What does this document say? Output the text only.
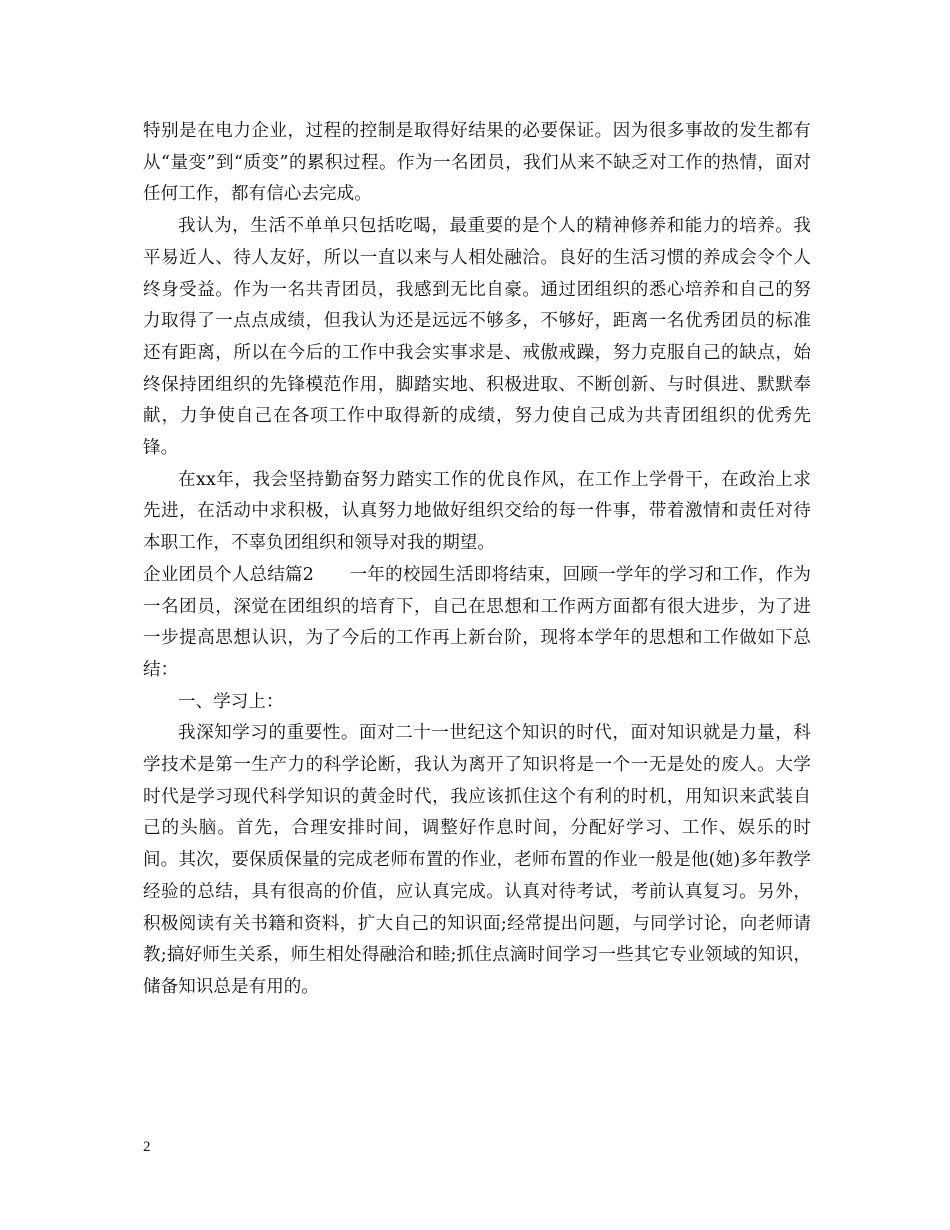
特别是在电力企业，过程的控制是取得好结果的必要保证。因为很多事故的发生都有从“量变”到“质变”的累积过程。作为一名团员，我们从来不缺乏对工作的热情，面对任何工作，都有信心去完成。

我认为，生活不单单只包括吃喝，最重要的是个人的精神修养和能力的培养。我平易近人、待人友好，所以一直以来与人相处融洽。良好的生活习惯的养成会令个人终身受益。作为一名共青团员，我感到无比自豪。通过团组织的悉心培养和自己的努力取得了一点点成绩，但我认为还是远远不够多，不够好，距离一名优秀团员的标准还有距离，所以在今后的工作中我会实事求是、戒傲戒躁，努力克服自己的缺点，始终保持团组织的先锋模范作用，脚踏实地、积极进取、不断创新、与时俱进、默默奉献，力争使自己在各项工作中取得新的成绩，努力使自己成为共青团组织的优秀先锋。

在xx年，我会坚持勤奋努力踏实工作的优良作风，在工作上学骨干，在政治上求先进，在活动中求积极，认真努力地做好组织交给的每一件事，带着激情和责任对待本职工作，不辜负团组织和领导对我的期望。

企业团员个人总结篇2　　一年的校园生活即将结束，回顾一学年的学习和工作，作为一名团员，深觉在团组织的培育下，自己在思想和工作两方面都有很大进步，为了进一步提高思想认识，为了今后的工作再上新台阶，现将本学年的思想和工作做如下总结：

一、学习上：

我深知学习的重要性。面对二十一世纪这个知识的时代，面对知识就是力量，科学技术是第一生产力的科学论断，我认为离开了知识将是一个一无是处的废人。大学时代是学习现代科学知识的黄金时代，我应该抓住这个有利的时机，用知识来武装自己的头脑。首先，合理安排时间，调整好作息时间，分配好学习、工作、娱乐的时间。其次，要保质保量的完成老师布置的作业，老师布置的作业一般是他(她)多年教学经验的总结，具有很高的价值，应认真完成。认真对待考试，考前认真复习。另外，积极阅读有关书籍和资料，扩大自己的知识面;经常提出问题，与同学讨论，向老师请教;搞好师生关系，师生相处得融洽和睦;抓住点滴时间学习一些其它专业领域的知识，储备知识总是有用的。

2
